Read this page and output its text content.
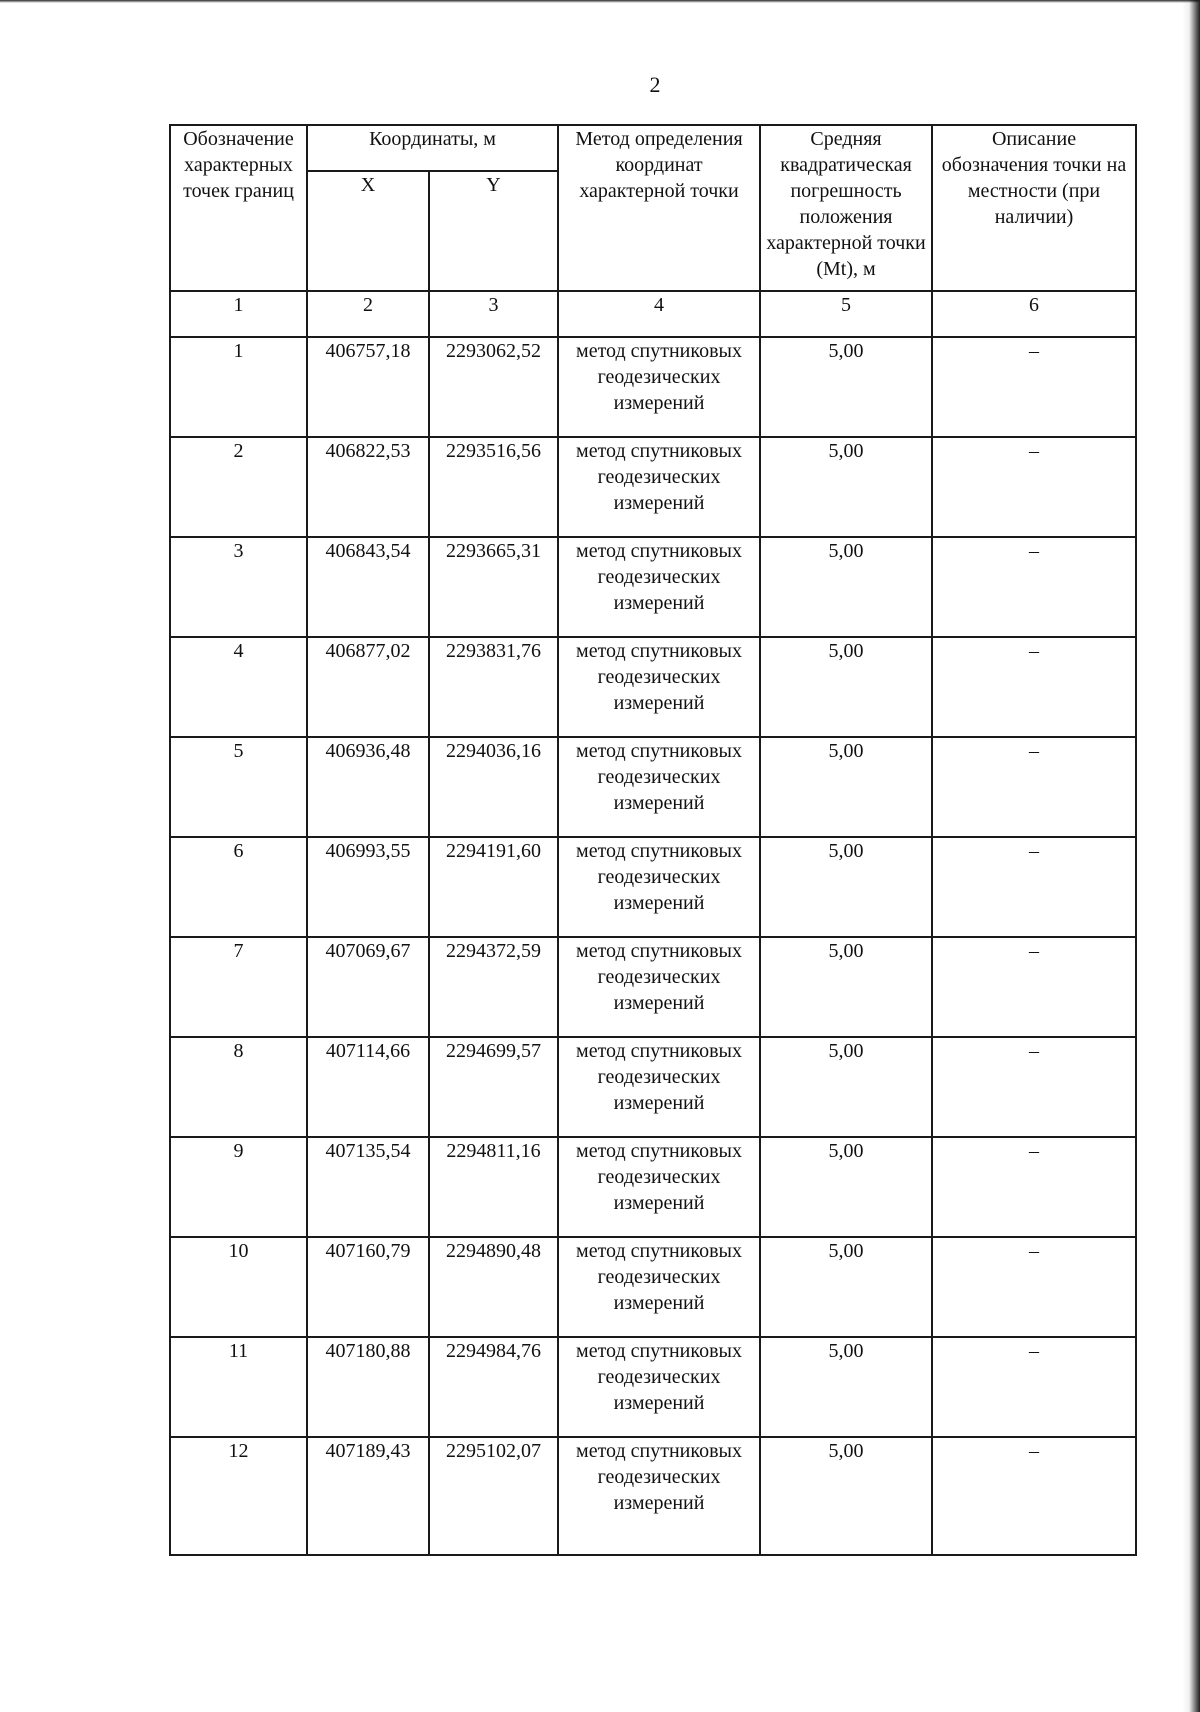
2
Обозначение характерных точек границ	Координаты, м		Метод определения координат характерной точки	Средняя квадратическая погрешность положения характерной точки (Mt), м	Описание обозначения точки на местности (при наличии)
	X	Y			
1	2	3	4	5	6
1	406757,18	2293062,52	метод спутниковых геодезических измерений	5,00	–
2	406822,53	2293516,56	метод спутниковых геодезических измерений	5,00	–
3	406843,54	2293665,31	метод спутниковых геодезических измерений	5,00	–
4	406877,02	2293831,76	метод спутниковых геодезических измерений	5,00	–
5	406936,48	2294036,16	метод спутниковых геодезических измерений	5,00	–
6	406993,55	2294191,60	метод спутниковых геодезических измерений	5,00	–
7	407069,67	2294372,59	метод спутниковых геодезических измерений	5,00	–
8	407114,66	2294699,57	метод спутниковых геодезических измерений	5,00	–
9	407135,54	2294811,16	метод спутниковых геодезических измерений	5,00	–
10	407160,79	2294890,48	метод спутниковых геодезических измерений	5,00	–
11	407180,88	2294984,76	метод спутниковых геодезических измерений	5,00	–
12	407189,43	2295102,07	метод спутниковых геодезических измерений	5,00	–
